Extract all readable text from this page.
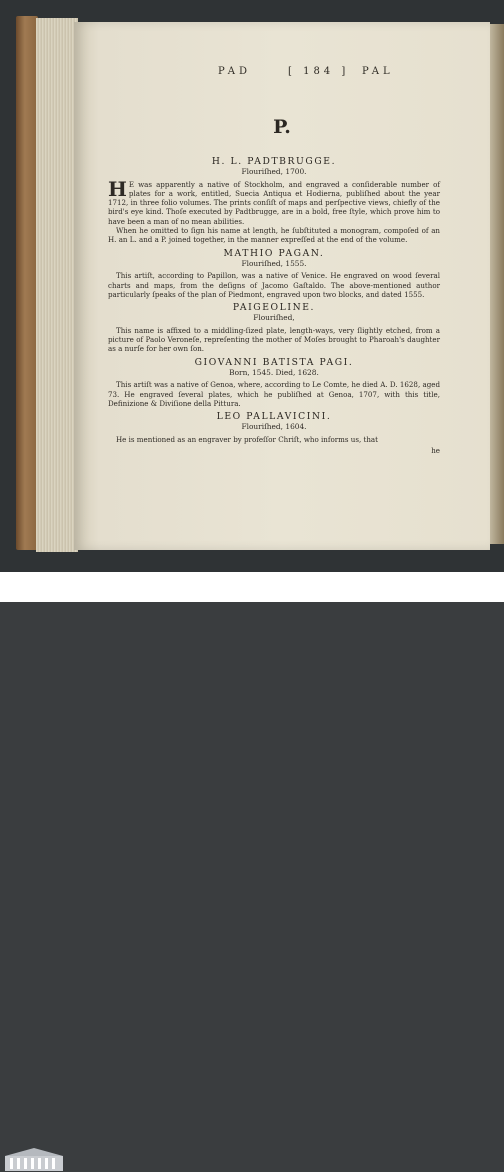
PAD	[ 184 ] PAL
P.
H. L. PADTBRUGGE.
Flouriſhed, 1700.

H E was apparently a native of Stockholm, and engraved a conſiderable number of plates for a work, entitled, Suecia Antiqua et Hodierna, publiſhed about the year 1712, in three folio volumes. The prints conſiſt of maps and perſpective views, chiefly of the bird's eye kind. Thoſe executed by Padtbrugge, are in a bold, free ſtyle, which prove him to have been a man of no mean abilities.

When he omitted to ſign his name at length, he ſubſtituted a monogram, compoſed of an H. an L. and a P. joined together, in the manner expreſſed at the end of the volume.

MATHIO PAGAN.
Flouriſhed, 1555.

This artiſt, according to Papillon, was a native of Venice. He engraved on wood ſeveral charts and maps, from the deſigns of Jacomo Gaſtaldo. The above-mentioned author particularly ſpeaks of the plan of Piedmont, engraved upon two blocks, and dated 1555.

PAIGEOLINE.
Flouriſhed,

This name is affixed to a middling-ſized plate, length-ways, very ſlightly etched, from a picture of Paolo Veroneſe, repreſenting the mother of Moſes brought to Pharoah's daughter as a nurſe for her own ſon.

GIOVANNI BATISTA PAGI.
Born, 1545. Died, 1628.

This artiſt was a native of Genoa, where, according to Le Comte, he died A. D. 1628, aged 73. He engraved ſeveral plates, which he publiſhed at Genoa, 1707, with this title, Definizione & Diviſione della Pittura.

LEO PALLAVICINI.
Flouriſhed, 1604.

He is mentioned as an engraver by profeſſor Chriſt, who informs us, that

he
